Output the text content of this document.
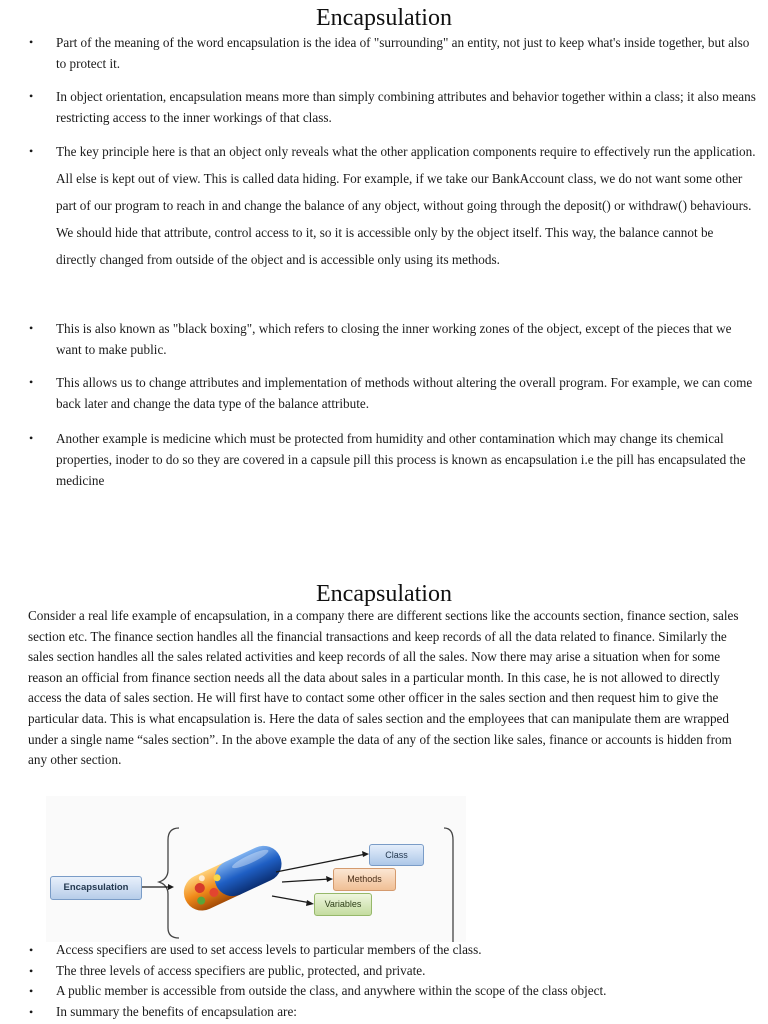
Encapsulation
• Part of the meaning of the word encapsulation is the idea of "surrounding" an entity, not just to keep what's inside together, but also to protect it.
• In object orientation, encapsulation means more than simply combining attributes and behavior together within a class; it also means restricting access to the inner workings of that class.
• The key principle here is that an object only reveals what the other application components require to effectively run the application. All else is kept out of view. This is called data hiding. For example, if we take our BankAccount class, we do not want some other part of our program to reach in and change the balance of any object, without going through the deposit() or withdraw() behaviours. We should hide that attribute, control access to it, so it is accessible only by the object itself. This way, the balance cannot be directly changed from outside of the object and is accessible only using its methods.
• This is also known as "black boxing", which refers to closing the inner working zones of the object, except of the pieces that we want to make public.
• This allows us to change attributes and implementation of methods without altering the overall program. For example, we can come back later and change the data type of the balance attribute.
• Another example is medicine which must be protected from humidity and other contamination which may change its chemical properties, inoder to do so they are covered in a capsule pill this process is known as encapsulation i.e the pill has encapsulated the medicine
Encapsulation

Consider a real life example of encapsulation, in a company there are different sections like the accounts section, finance section, sales section etc. The finance section handles all the financial transactions and keep records of all the data related to finance. Similarly the sales section handles all the sales related activities and keep records of all the sales. Now there may arise a situation when for some reason an official from finance section needs all the data about sales in a particular month. In this case, he is not allowed to directly access the data of sales section. He will first have to contact some other officer in the sales section and then request him to give the particular data. This is what encapsulation is. Here the data of sales section and the employees that can manipulate them are wrapped under a single name “sales section”. In the above example the data of any of the section like sales, finance or accounts is hidden from any other section.

Encapsulation
Class
Methods
Variables
• Access specifiers are used to set access levels to particular members of the class.
• The three levels of access specifiers are public, protected, and private.
• A public member is accessible from outside the class, and anywhere within the scope of the class object.
• In summary the benefits of encapsulation are:
